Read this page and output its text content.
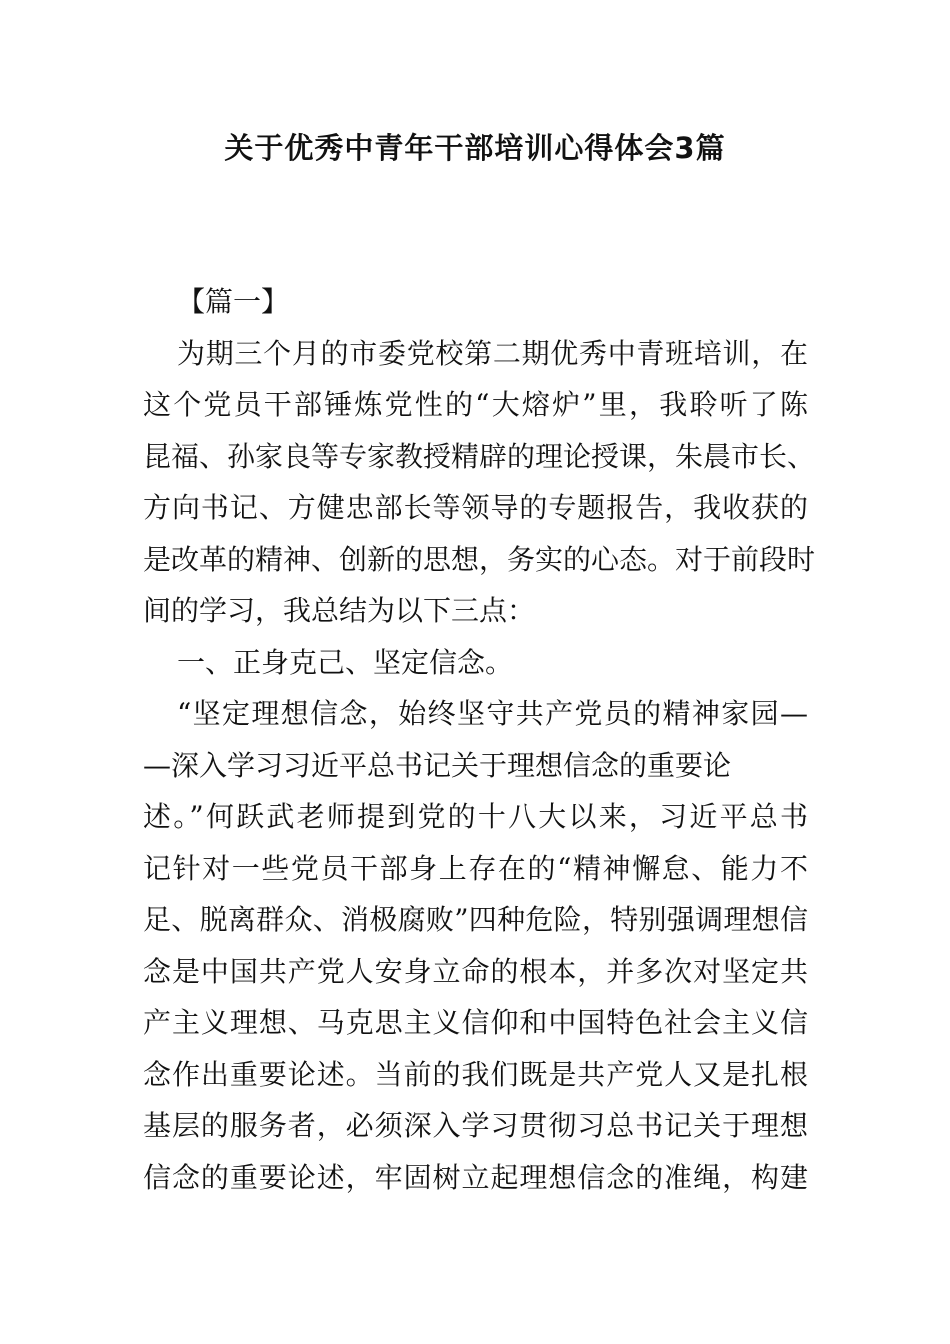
关于优秀中青年干部培训心得体会3篇
【篇一】
为期三个月的市委党校第二期优秀中青班培训，在
这个党员干部锤炼党性的“大熔炉”里，我聆听了陈
昆福、孙家良等专家教授精辟的理论授课，朱晨市长、
方向书记、方健忠部长等领导的专题报告，我收获的
是改革的精神、创新的思想，务实的心态。对于前段时
间的学习，我总结为以下三点：
一、正身克己、坚定信念。
“坚定理想信念，始终坚守共产党员的精神家园—
—深入学习习近平总书记关于理想信念的重要论
述。”何跃武老师提到党的十八大以来，习近平总书
记针对一些党员干部身上存在的“精神懈怠、能力不
足、脱离群众、消极腐败”四种危险，特别强调理想信
念是中国共产党人安身立命的根本，并多次对坚定共
产主义理想、马克思主义信仰和中国特色社会主义信
念作出重要论述。当前的我们既是共产党人又是扎根
基层的服务者，必须深入学习贯彻习总书记关于理想
信念的重要论述，牢固树立起理想信念的准绳，构建
